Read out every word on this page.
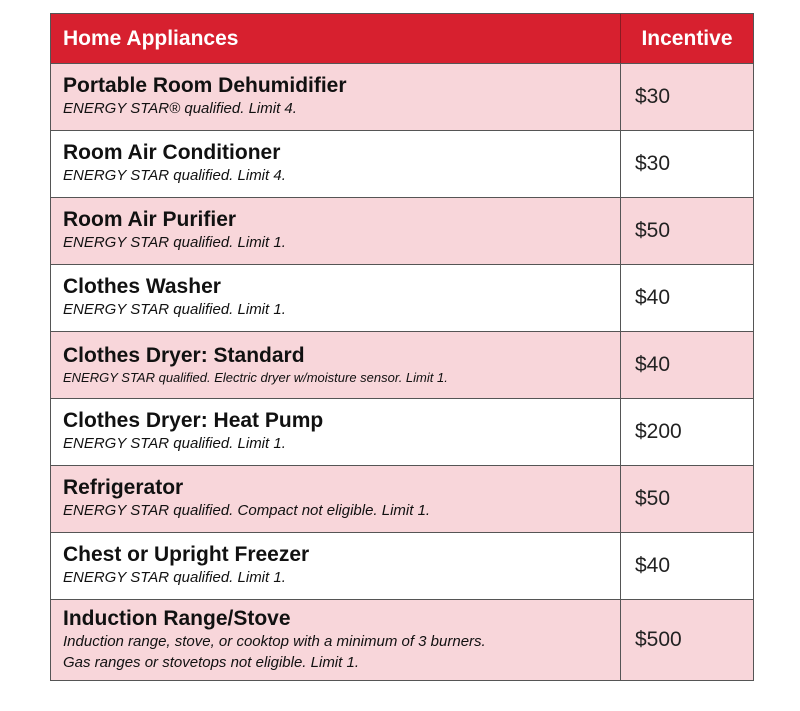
Home Appliances	Incentive
Portable Room Dehumidifier
ENERGY STAR® qualified. Limit 4.
$30
Room Air Conditioner
ENERGY STAR qualified. Limit 4.
$30
Room Air Purifier
ENERGY STAR qualified. Limit 1.
$50
Clothes Washer
ENERGY STAR qualified. Limit 1.
$40
Clothes Dryer: Standard
ENERGY STAR qualified. Electric dryer w/moisture sensor. Limit 1.
$40
Clothes Dryer: Heat Pump
ENERGY STAR qualified. Limit 1.
$200
Refrigerator
ENERGY STAR qualified. Compact not eligible. Limit 1.
$50
Chest or Upright Freezer
ENERGY STAR qualified. Limit 1.
$40
Induction Range/Stove
Induction range, stove, or cooktop with a minimum of 3 burners.
Gas ranges or stovetops not eligible. Limit 1.
$500
